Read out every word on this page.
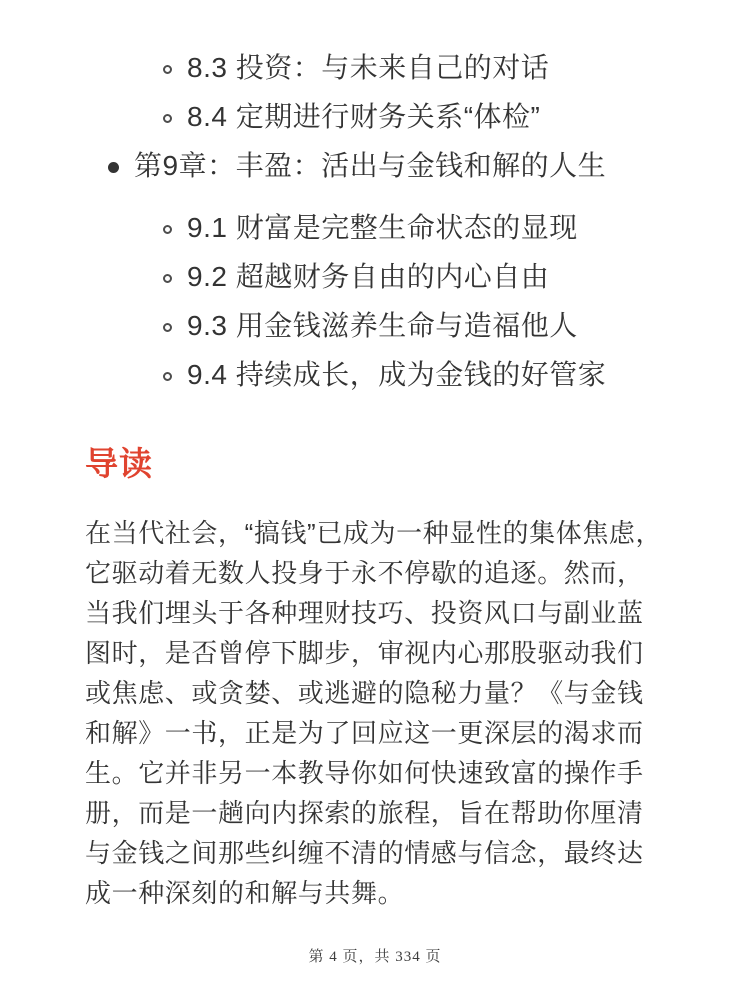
8.3 投资：与未来自己的对话
8.4 定期进行财务关系“体检”
第9章：丰盈：活出与金钱和解的人生
9.1 财富是完整生命状态的显现
9.2 超越财务自由的内心自由
9.3 用金钱滋养生命与造福他人
9.4 持续成长，成为金钱的好管家
导读

在当代社会，“搞钱”已成为一种显性的集体焦虑，它驱动着无数人投身于永不停歇的追逐。然而，当我们埋头于各种理财技巧、投资风口与副业蓝图时，是否曾停下脚步，审视内心那股驱动我们或焦虑、或贪婪、或逃避的隐秘力量？《与金钱和解》一书，正是为了回应这一更深层的渴求而生。它并非另一本教导你如何快速致富的操作手册，而是一趟向内探索的旅程，旨在帮助你厘清与金钱之间那些纠缠不清的情感与信念，最终达成一种深刻的和解与共舞。

第 4 页，共 334 页
